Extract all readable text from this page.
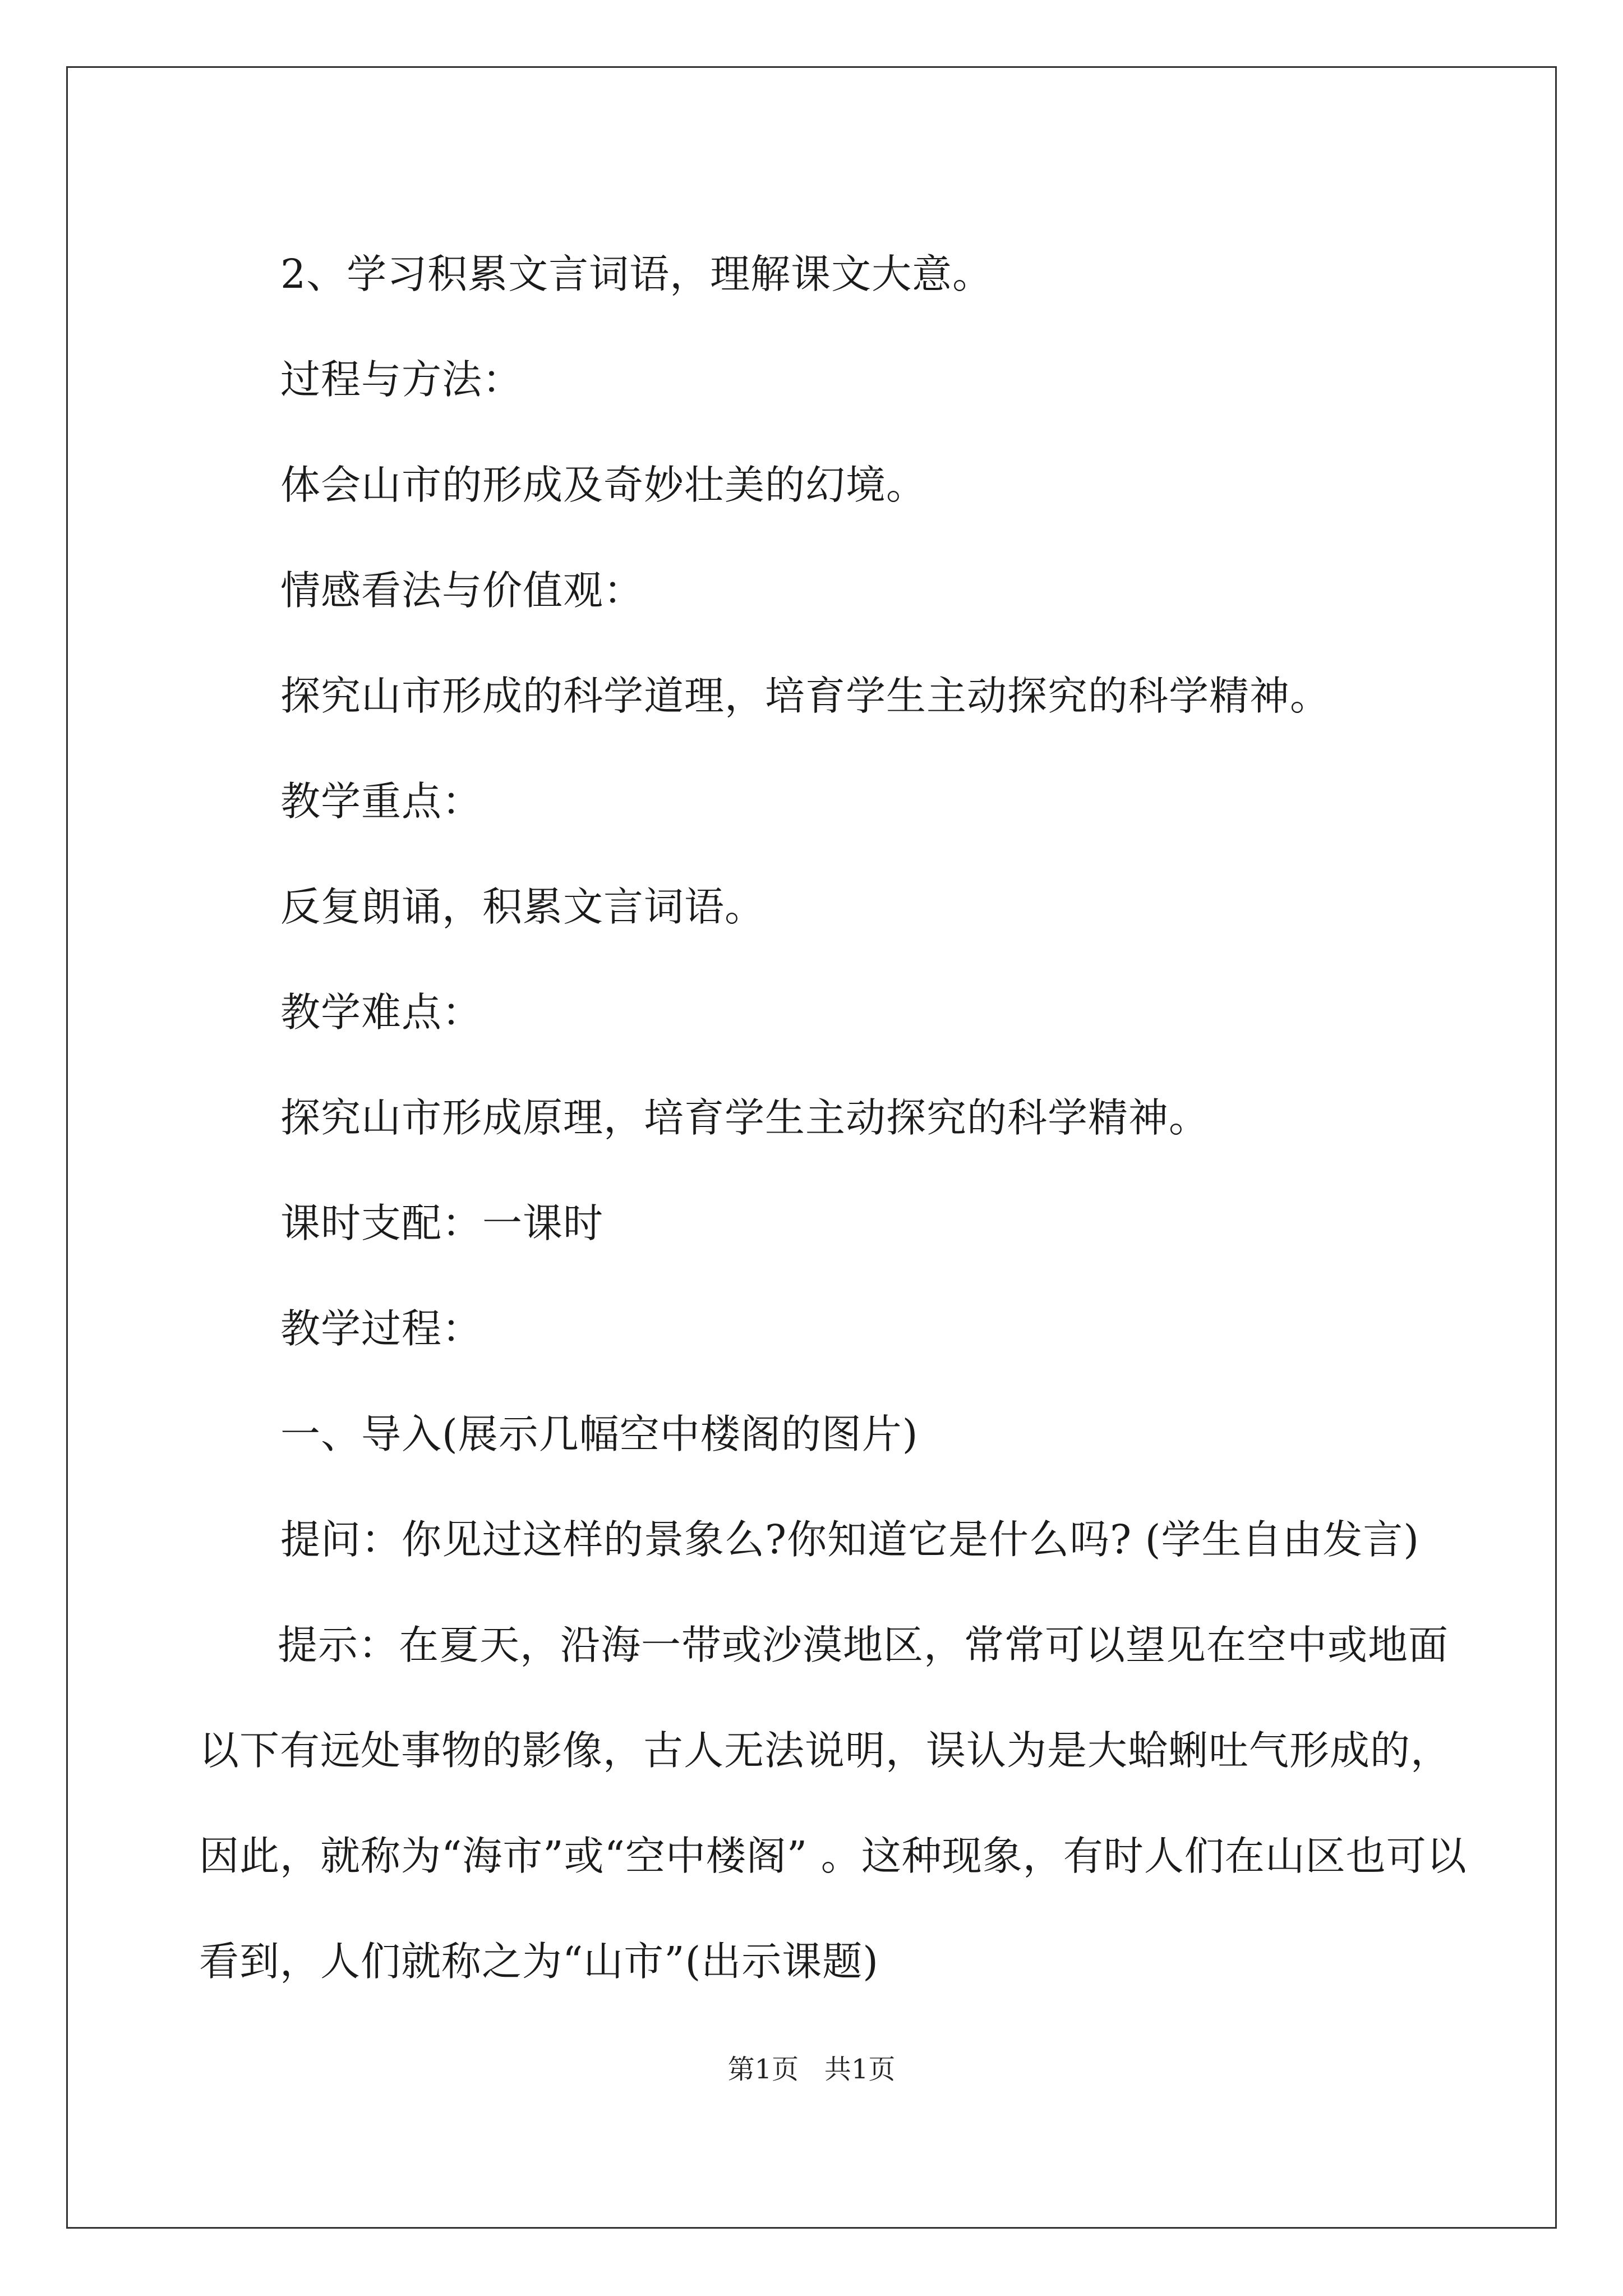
2、学习积累文言词语，理解课文大意。

过程与方法：

体会山市的形成及奇妙壮美的幻境。

情感看法与价值观：

探究山市形成的科学道理，培育学生主动探究的科学精神。

教学重点：

反复朗诵，积累文言词语。

教学难点：

探究山市形成原理，培育学生主动探究的科学精神。

课时支配：一课时

教学过程：

一、导入(展示几幅空中楼阁的图片)

提问：你见过这样的景象么?你知道它是什么吗? (学生自由发言)

提示：在夏天，沿海一带或沙漠地区，常常可以望见在空中或地面以下有远处事物的影像，古人无法说明，误认为是大蛤蜊吐气形成的，因此，就称为“海市”或“空中楼阁” 。这种现象，有时人们在山区也可以看到，人们就称之为“山市”(出示课题)

第1页   共1页
